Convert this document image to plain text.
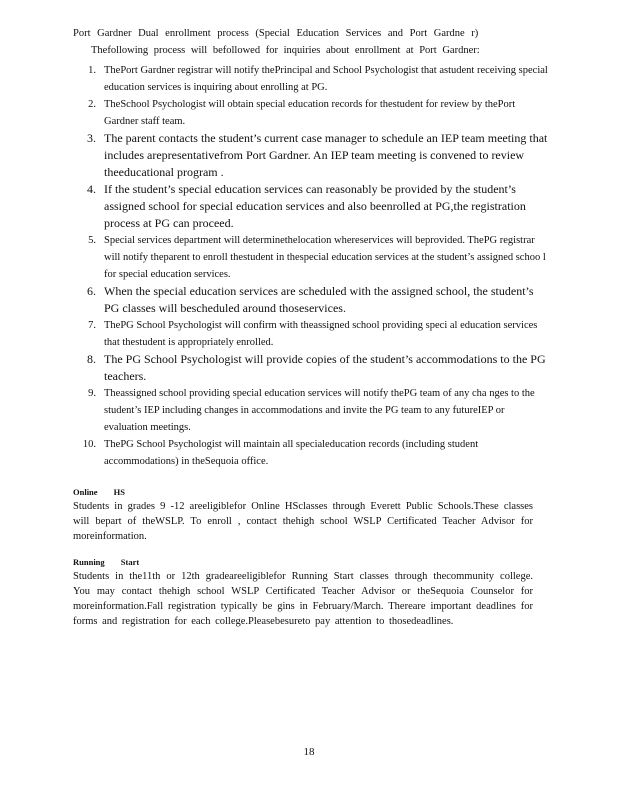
Port Gardner Dual enrollment process (Special Education Services and Port Gardne r)
Thefollowing process will befollowed for inquiries about enrollment at Port Gardner:
1. ThePort Gardner registrar will notify thePrincipal and School Psychologist that astudent receiving special education services is inquiring about enrolling at PG.
2. TheSchool Psychologist will obtain special education records for thestudent for review by thePort Gardner staff team.
3. The parent contacts the student’s current case manager to schedule an IEP team meeting that includes arepresentativefrom Port Gardner. An IEP team meeting is convened to review theeducational program .
4. If the student’s special education services can reasonably be provided by the student’s assigned school for special education services and also beenrolled at PG,the registration process at PG can proceed.
5. Special services department will determinethelocation whereservices will beprovided. ThePG registrar will notify theparent to enroll thestudent in thespecial education services at the student’s assigned schoo l for special education services.
6. When the special education services are scheduled with the assigned school, the student’s PG classes will bescheduled around thoseservices.
7. ThePG School Psychologist will confirm with theassigned school providing speci al education services that thestudent is appropriately enrolled.
8. The PG School Psychologist will provide copies of the student’s accommodations to the PG teachers.
9. Theassigned school providing special education services will notify thePG team of any cha nges to the student’s IEP including changes in accommodations and invite the PG team to any futureIEP or evaluation meetings.
10. ThePG School Psychologist will maintain all specialeducation records (including student accommodations) in theSequoia office.
Online HS
Students in grades 9 -12 areeligiblefor Online HSclasses through Everett Public Schools.These classes will bepart of theWSLP. To enroll , contact thehigh school WSLP Certificated Teacher Advisor for moreinformation.
Running Start
Students in the11th or 12th gradeareeligiblefor Running Start classes through thecommunity college. You may contact thehigh school WSLP Certificated Teacher Advisor or theSequoia Counselor for moreinformation.Fall registration typically be gins in February/March. Thereare important deadlines for forms and registration for each college.Pleasebesureto pay attention to thosedeadlines.
18
